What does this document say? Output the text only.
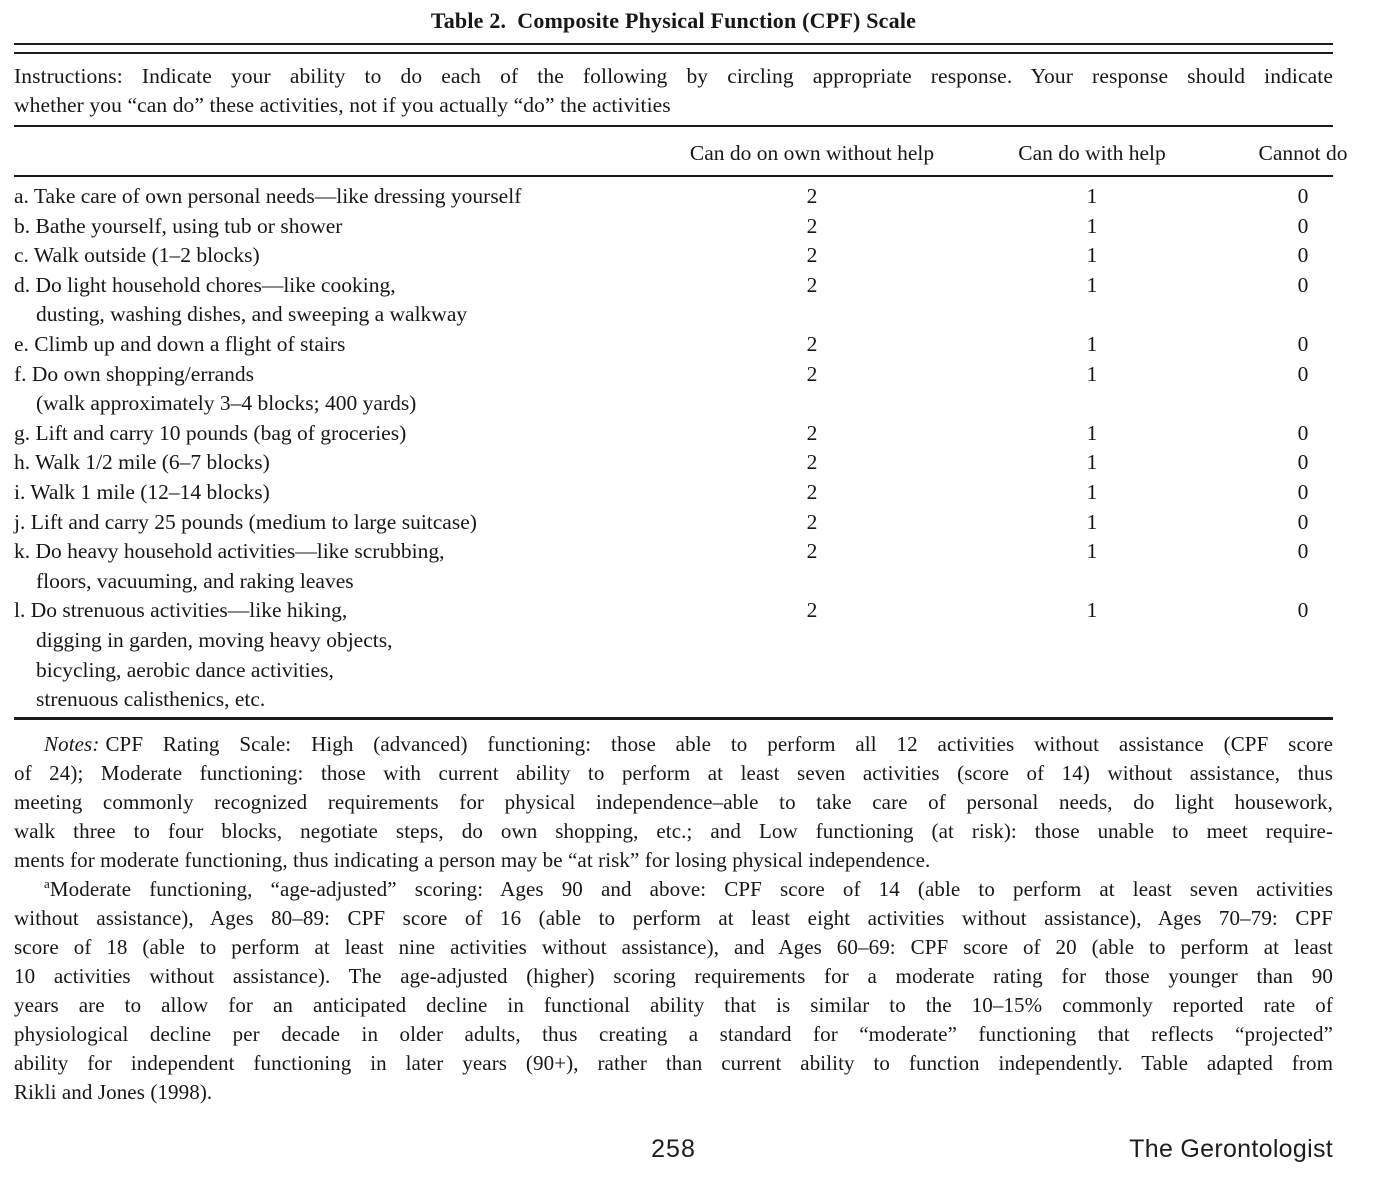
Table 2. Composite Physical Function (CPF) Scale
Instructions: Indicate your ability to do each of the following by circling appropriate response. Your response should indicate
whether you “can do” these activities, not if you actually “do” the activities
Can do on own without help	Can do with help	Cannot do
a. Take care of own personal needs—like dressing yourself	2	1	0
b. Bathe yourself, using tub or shower	2	1	0
c. Walk outside (1–2 blocks)	2	1	0
d. Do light household chores—like cooking,	2	1	0
dusting, washing dishes, and sweeping a walkway
e. Climb up and down a flight of stairs	2	1	0
f. Do own shopping/errands	2	1	0
(walk approximately 3–4 blocks; 400 yards)
g. Lift and carry 10 pounds (bag of groceries)	2	1	0
h. Walk 1/2 mile (6–7 blocks)	2	1	0
i. Walk 1 mile (12–14 blocks)	2	1	0
j. Lift and carry 25 pounds (medium to large suitcase)	2	1	0
k. Do heavy household activities—like scrubbing,	2	1	0
floors, vacuuming, and raking leaves
l. Do strenuous activities—like hiking,	2	1	0
digging in garden, moving heavy objects,
bicycling, aerobic dance activities,
strenuous calisthenics, etc.
Notes: CPF Rating Scale: High (advanced) functioning: those able to perform all 12 activities without assistance (CPF score
of 24); Moderate functioning: those with current ability to perform at least seven activities (score of 14) without assistance, thus
meeting commonly recognized requirements for physical independence–able to take care of personal needs, do light housework,
walk three to four blocks, negotiate steps, do own shopping, etc.; and Low functioning (at risk): those unable to meet require-
ments for moderate functioning, thus indicating a person may be “at risk” for losing physical independence.
$^a$Moderate functioning, “age-adjusted” scoring: Ages 90 and above: CPF score of 14 (able to perform at least seven activities
without assistance), Ages 80–89: CPF score of 16 (able to perform at least eight activities without assistance), Ages 70–79: CPF
score of 18 (able to perform at least nine activities without assistance), and Ages 60–69: CPF score of 20 (able to perform at least
10 activities without assistance). The age-adjusted (higher) scoring requirements for a moderate rating for those younger than 90
years are to allow for an anticipated decline in functional ability that is similar to the 10–15% commonly reported rate of
physiological decline per decade in older adults, thus creating a standard for “moderate” functioning that reflects “projected”
ability for independent functioning in later years (90+), rather than current ability to function independently. Table adapted from
Rikli and Jones (1998).
258	The Gerontologist
